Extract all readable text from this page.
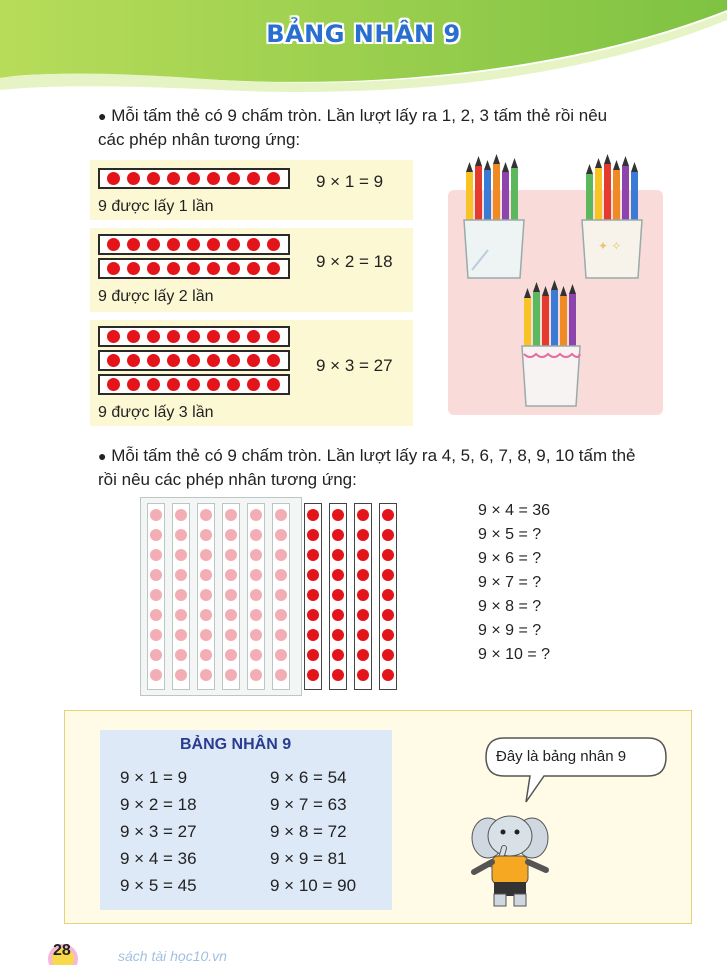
BẢNG NHÂN 9
● Mỗi tấm thẻ có 9 chấm tròn. Lần lượt lấy ra 1, 2, 3 tấm thẻ rồi nêu
các phép nhân tương ứng:
9 × 1 = 9
9 được lấy 1 lần
9 × 2 = 18
9 được lấy 2 lần
9 × 3 = 27
9 được lấy 3 lần
✦ ✧
● Mỗi tấm thẻ có 9 chấm tròn. Lần lượt lấy ra 4, 5, 6, 7, 8, 9, 10 tấm thẻ
rồi nêu các phép nhân tương ứng:
9 × 4 = 36
9 × 5 = ?
9 × 6 = ?
9 × 7 = ?
9 × 8 = ?
9 × 9 = ?
9 × 10 = ?
BẢNG NHÂN 9
9 × 1 = 9
9 × 2 = 18
9 × 3 = 27
9 × 4 = 36
9 × 5 = 45
9 × 6 = 54
9 × 7 = 63
9 × 8 = 72
9 × 9 = 81
9 × 10 = 90
Đây là bảng nhân 9
28	sách tài học10.vn
